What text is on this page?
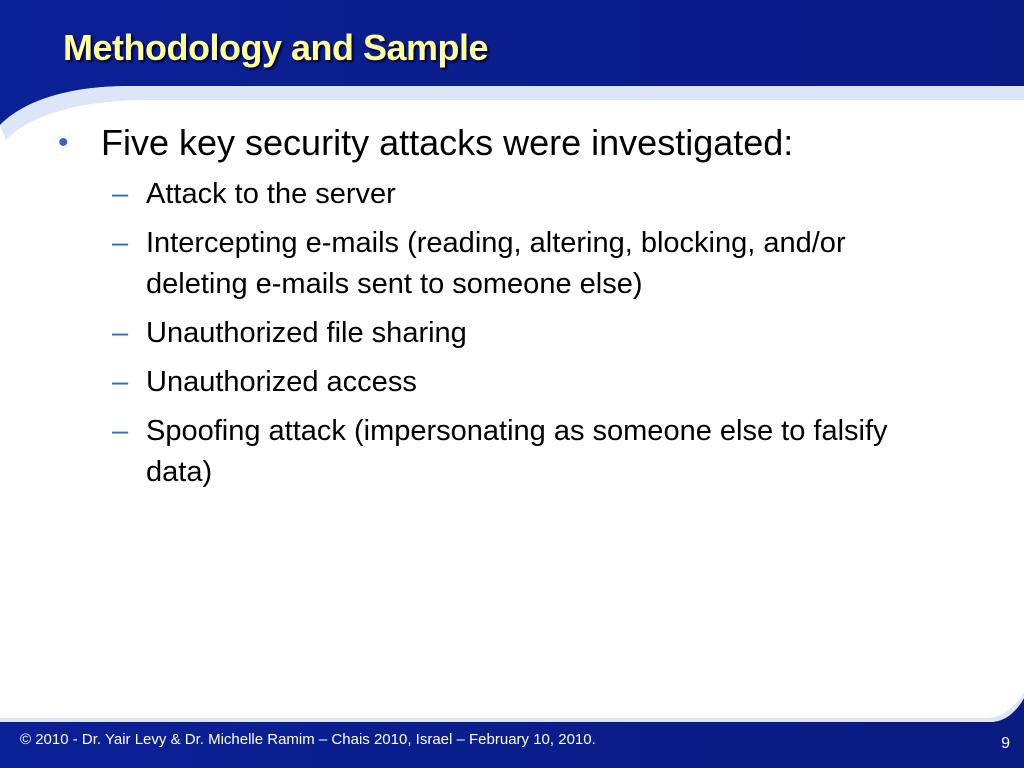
Methodology and Sample
• Five key security attacks were investigated:
– Attack to the server
– Intercepting e-mails (reading, altering, blocking, and/or deleting e-mails sent to someone else)
– Unauthorized file sharing
– Unauthorized access
– Spoofing attack (impersonating as someone else to falsify data)
© 2010 - Dr. Yair Levy & Dr. Michelle Ramim – Chais 2010, Israel – February 10, 2010.	9
